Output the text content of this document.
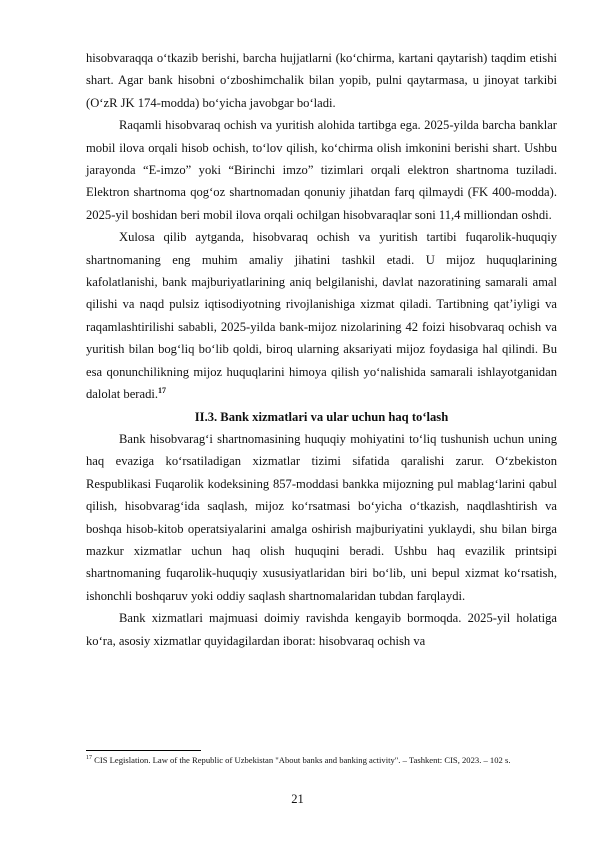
hisobvaraqqa o‘tkazib berishi, barcha hujjatlarni (ko‘chirma, kartani qaytarish) taqdim etishi shart. Agar bank hisobni o‘zboshimchalik bilan yopib, pulni qaytarmasa, u jinoyat tarkibi (O‘zR JK 174-modda) bo‘yicha javobgar bo‘ladi.

Raqamli hisobvaraq ochish va yuritish alohida tartibga ega. 2025-yilda barcha banklar mobil ilova orqali hisob ochish, to‘lov qilish, ko‘chirma olish imkonini berishi shart. Ushbu jarayonda “E-imzo” yoki “Birinchi imzo” tizimlari orqali elektron shartnoma tuziladi. Elektron shartnoma qog‘oz shartnomadan qonuniy jihatdan farq qilmaydi (FK 400-modda). 2025-yil boshidan beri mobil ilova orqali ochilgan hisobvaraqlar soni 11,4 milliondan oshdi.

Xulosa qilib aytganda, hisobvaraq ochish va yuritish tartibi fuqarolik-huquqiy shartnomaning eng muhim amaliy jihatini tashkil etadi. U mijoz huquqlarining kafolatlanishi, bank majburiyatlarining aniq belgilanishi, davlat nazoratining samarali amal qilishi va naqd pulsiz iqtisodiyotning rivojlanishiga xizmat qiladi. Tartibning qat’iyligi va raqamlashtirilishi sababli, 2025-yilda bank-mijoz nizolarining 42 foizi hisobvaraq ochish va yuritish bilan bog‘liq bo‘lib qoldi, biroq ularning aksariyati mijoz foydasiga hal qilindi. Bu esa qonunchilikning mijoz huquqlarini himoya qilish yo‘nalishida samarali ishlayotganidan dalolat beradi.$^{17}$

II.3. Bank xizmatlari va ular uchun haq to‘lash

Bank hisobvarag‘i shartnomasining huquqiy mohiyatini to‘liq tushunish uchun uning haq evaziga ko‘rsatiladigan xizmatlar tizimi sifatida qaralishi zarur. O‘zbekiston Respublikasi Fuqarolik kodeksining 857-moddasi bankka mijozning pul mablag‘larini qabul qilish, hisobvarag‘ida saqlash, mijoz ko‘rsatmasi bo‘yicha o‘tkazish, naqdlashtirish va boshqa hisob-kitob operatsiyalarini amalga oshirish majburiyatini yuklaydi, shu bilan birga mazkur xizmatlar uchun haq olish huquqini beradi. Ushbu haq evazilik printsipi shartnomaning fuqarolik-huquqiy xususiyatlaridan biri bo‘lib, uni bepul xizmat ko‘rsatish, ishonchli boshqaruv yoki oddiy saqlash shartnomalaridan tubdan farqlaydi.

Bank xizmatlari majmuasi doimiy ravishda kengayib bormoqda. 2025-yil holatiga ko‘ra, asosiy xizmatlar quyidagilardan iborat: hisobvaraq ochish va

$^{17}$ CIS Legislation. Law of the Republic of Uzbekistan "About banks and banking activity". – Tashkent: CIS, 2023. – 102 s.
21
